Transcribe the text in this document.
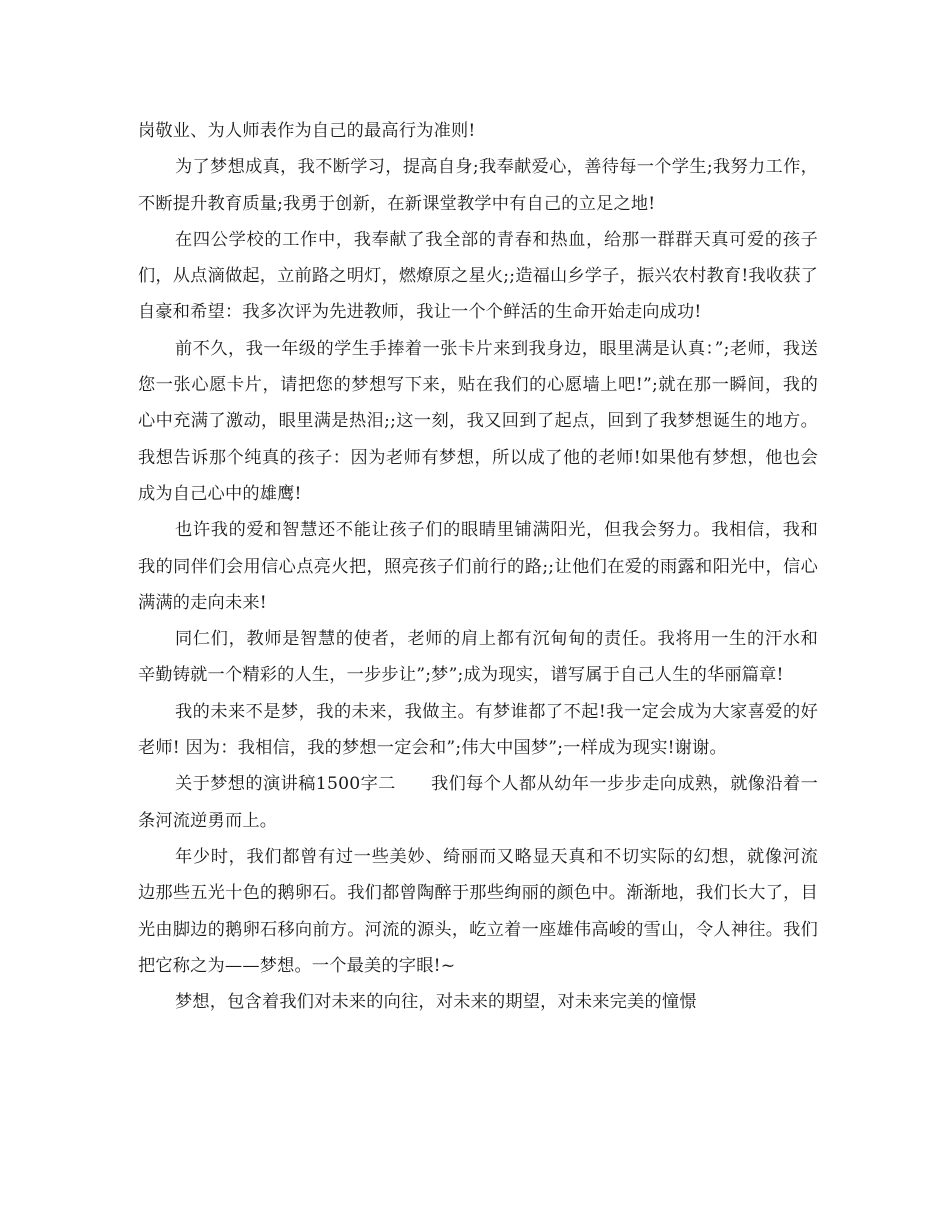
岗敬业、为人师表作为自己的最高行为准则!

为了梦想成真，我不断学习，提高自身;我奉献爱心，善待每一个学生;我努力工作，不断提升教育质量;我勇于创新，在新课堂教学中有自己的立足之地!

在四公学校的工作中，我奉献了我全部的青春和热血，给那一群群天真可爱的孩子们，从点滴做起，立前路之明灯，燃燎原之星火;;造福山乡学子，振兴农村教育!我收获了自豪和希望：我多次评为先进教师，我让一个个鲜活的生命开始走向成功!

前不久，我一年级的学生手捧着一张卡片来到我身边，眼里满是认真：”;老师，我送您一张心愿卡片，请把您的梦想写下来，贴在我们的心愿墙上吧!”;就在那一瞬间，我的心中充满了激动，眼里满是热泪;;这一刻，我又回到了起点，回到了我梦想诞生的地方。我想告诉那个纯真的孩子：因为老师有梦想，所以成了他的老师!如果他有梦想，他也会成为自己心中的雄鹰!

也许我的爱和智慧还不能让孩子们的眼睛里铺满阳光，但我会努力。我相信，我和我的同伴们会用信心点亮火把，照亮孩子们前行的路;;让他们在爱的雨露和阳光中，信心满满的走向未来!

同仁们，教师是智慧的使者，老师的肩上都有沉甸甸的责任。我将用一生的汗水和辛勤铸就一个精彩的人生，一步步让”;梦”;成为现实，谱写属于自己人生的华丽篇章!

我的未来不是梦，我的未来，我做主。有梦谁都了不起!我一定会成为大家喜爱的好老师! 因为：我相信，我的梦想一定会和”;伟大中国梦”;一样成为现实!谢谢。

关于梦想的演讲稿1500字二　　我们每个人都从幼年一步步走向成熟，就像沿着一条河流逆勇而上。

年少时，我们都曾有过一些美妙、绮丽而又略显天真和不切实际的幻想，就像河流边那些五光十色的鹅卵石。我们都曾陶醉于那些绚丽的颜色中。渐渐地，我们长大了，目光由脚边的鹅卵石移向前方。河流的源头，屹立着一座雄伟高峻的雪山，令人神往。我们把它称之为——梦想。一个最美的字眼!~

梦想，包含着我们对未来的向往，对未来的期望，对未来完美的憧憬
